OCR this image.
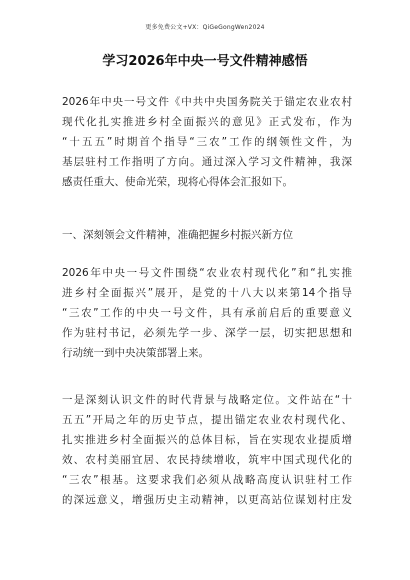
更多免费公文+VX：QiGeGongWen2024
学习2026年中央一号文件精神感悟
2026年中央一号文件《中共中央国务院关于锚定农业农村
现代化扎实推进乡村全面振兴的意见》正式发布，作为
“十五五”时期首个指导“三农”工作的纲领性文件，为
基层驻村工作指明了方向。通过深入学习文件精神，我深
感责任重大、使命光荣，现将心得体会汇报如下。
一、深刻领会文件精神，准确把握乡村振兴新方位
2026年中央一号文件围绕“农业农村现代化”和“扎实推
进乡村全面振兴”展开，是党的十八大以来第14个指导
“三农”工作的中央一号文件，具有承前启后的重要意义
作为驻村书记，必须先学一步、深学一层，切实把思想和
行动统一到中央决策部署上来。
一是深刻认识文件的时代背景与战略定位。文件站在“十
五五”开局之年的历史节点，提出锚定农业农村现代化、
扎实推进乡村全面振兴的总体目标，旨在实现农业提质增
效、农村美丽宜居、农民持续增收，筑牢中国式现代化的
“三农”根基。这要求我们必须从战略高度认识驻村工作
的深远意义，增强历史主动精神，以更高站位谋划村庄发
